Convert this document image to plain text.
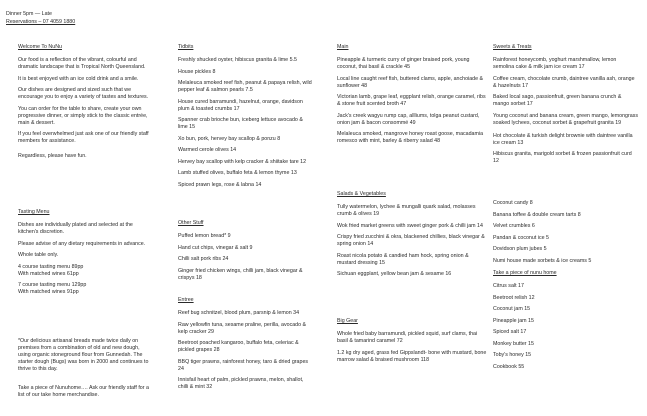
Dinner 5pm — Late
Reservations – 07 4059 1880
Welcome To NuNu
Our food is a reflection of the vibrant, colourful and dramatic landscape that is Tropical North Queensland.
It is best enjoyed with an ice cold drink and a smile.
Our dishes are designed and sized such that we encourage you to enjoy a variety of tastes and textures.
You can order for the table to share, create your own progressive dinner, or simply stick to the classic entrée, main & dessert.
If you feel overwhelmed just ask one of our friendly staff members for assistance.
Regardless, please have fun.
Tasting Menu
Dishes are individually plated and selected at the kitchen's discretion.
Please advise of any dietary requirements in advance.
Whole table only.
4 course tasting menu 89pp
With matched wines 61pp
7 course tasting menu 129pp
With matched wines 91pp
*Our delicious artisanal breads made twice daily on premises from a combination of old and new dough, using organic stoneground flour from Gunnedah. The starter dough (Bugs) was born in 2000 and continues to thrive to this day.
Take a piece of Nunuhome…. Ask our friendly staff for a list of our take home merchandise.
Tidbits
Freshly shucked oyster, hibiscus granita & lime 5.5
House pickles 8
Melaleuca smoked reef fish, peanut & papaya relish, wild pepper leaf & salmon pearls 7.5
House cured barramundi, hazelnut, orange, davidson plum & toasted crumbs 17
Spanner crab brioche bun, iceberg lettuce avocado & lime 15
Xo bun, pork, hervey bay scallop & ponzu 8
Warmed cerole olives 14
Hervey bay scallop with kelp cracker & shiitake tare 12
Lamb stuffed olives, buffalo feta & lemon thyme 13
Spiced prawn legs, rose & labna 14
Other Stuff
Puffed lemon bread* 9
Hand cut chips, vinegar & salt 9
Chilli salt pork ribs 24
Ginger fried chicken wings, chilli jam, black vinegar & crispys 18
Entree
Reef bug schnitzel, blood plum, parsnip & lemon 34
Raw yellowfin tuna, sesame praline, perilla, avocado & kelp cracker 29
Beetroot poached kangaroo, buffalo feta, celeriac & pickled grapes 28
BBQ tiger prawns, rainforest honey, taro & dried grapes 24
Innisfail heart of palm, pickled prawns, melon, shallot, chilli & mint 32
Main
Pineapple & turmeric curry of ginger braised pork, young coconut, thai basil & crackle 45
Local line caught reef fish, buttered clams, apple, anchoiade & sunflower 48
Victorian lamb, grape leaf, eggplant relish, orange caramel, ribs & stone fruit scented broth 47
Jack's creek wagyu rump cap, allliums, tolga peanut custard, onion jam & bacon consommé 49
Melaleuca smoked, mangrove honey roast goose, macadamia romesco with mint, barley & riberry salad 48
Salads & Vegetables
Tully watermelon, lychee & mungalli quark salad, molasses crumb & olives 19
Wok fried market greens with sweet ginger pork & chilli jam 14
Crispy fried zucchini & okra, blackened chillies, black vinegar & spring onion 14
Roast nicola potato & candied ham hock, spring onion & mustard dressing 15
Sichuan eggplant, yellow bean jam & sesame 16
Big Gear
Whole fried baby barramundi, pickled squid, surf clams, thai basil & tamarind caramel 72
1.2 kg dry aged, grass fed Gippslandt- bone with mustard, bone marrow salad & braised mushroom 118
Sweets & Treats
Rainforest honeycomb, yoghurt marshmallow, lemon semolina cake & milk jam ice cream 17
Coffee cream, chocolate crumb, daintree vanilla ash, orange & hazelnuts 17
Baked local sago, passionfruit, green banana crunch & mango sorbet 17
Young coconut and banana cream, green mango, lemongrass soaked lychees, coconut sorbet & grapefruit granita 19
Hot chocolate & turkish delight brownie with daintree vanilla ice cream 13
Hibiscus granita, marigold sorbet & frozen passionfruit curd 12
Coconut candy 8
Banana toffee & double cream tarts 8
Velvet crumbles 6
Pandan & coconut ice 5
Dovidson plum jubes 5
Numi house made sorbets & ice creams 5
Take a piece of nunu home
Citrus salt 17
Beetroot relish 12
Coconut jam 15
Pineapple jam 15
Spiced salt 17
Monkey butter 15
Toby's honey 15
Cookbook 55
